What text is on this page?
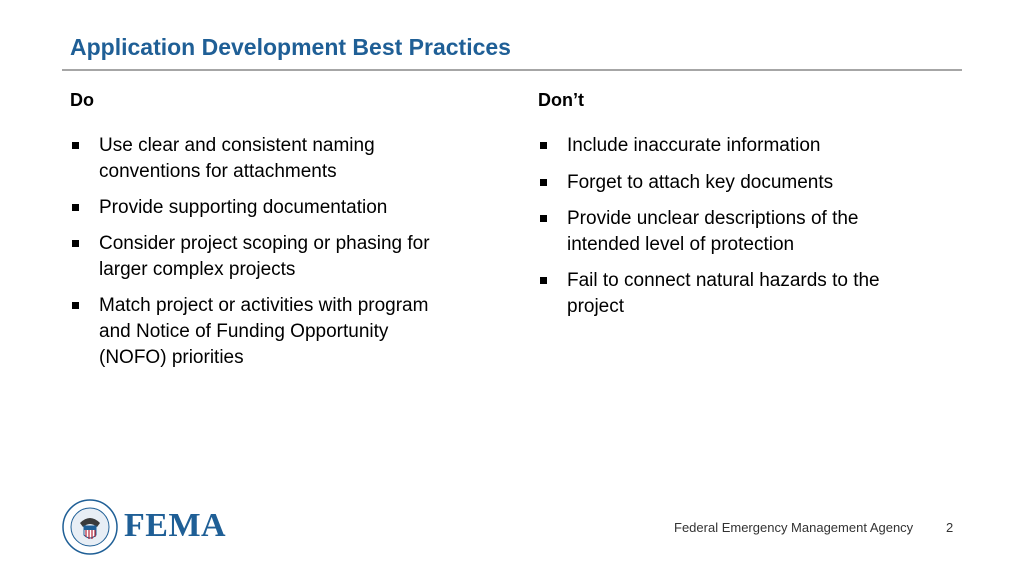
Application Development Best Practices
Do
Use clear and consistent naming conventions for attachments
Provide supporting documentation
Consider project scoping or phasing for larger complex projects
Match project or activities with program and Notice of Funding Opportunity (NOFO) priorities
Don’t
Include inaccurate information
Forget to attach key documents
Provide unclear descriptions of the intended level of protection
Fail to connect natural hazards to the project
FEMA	Federal Emergency Management Agency	2
